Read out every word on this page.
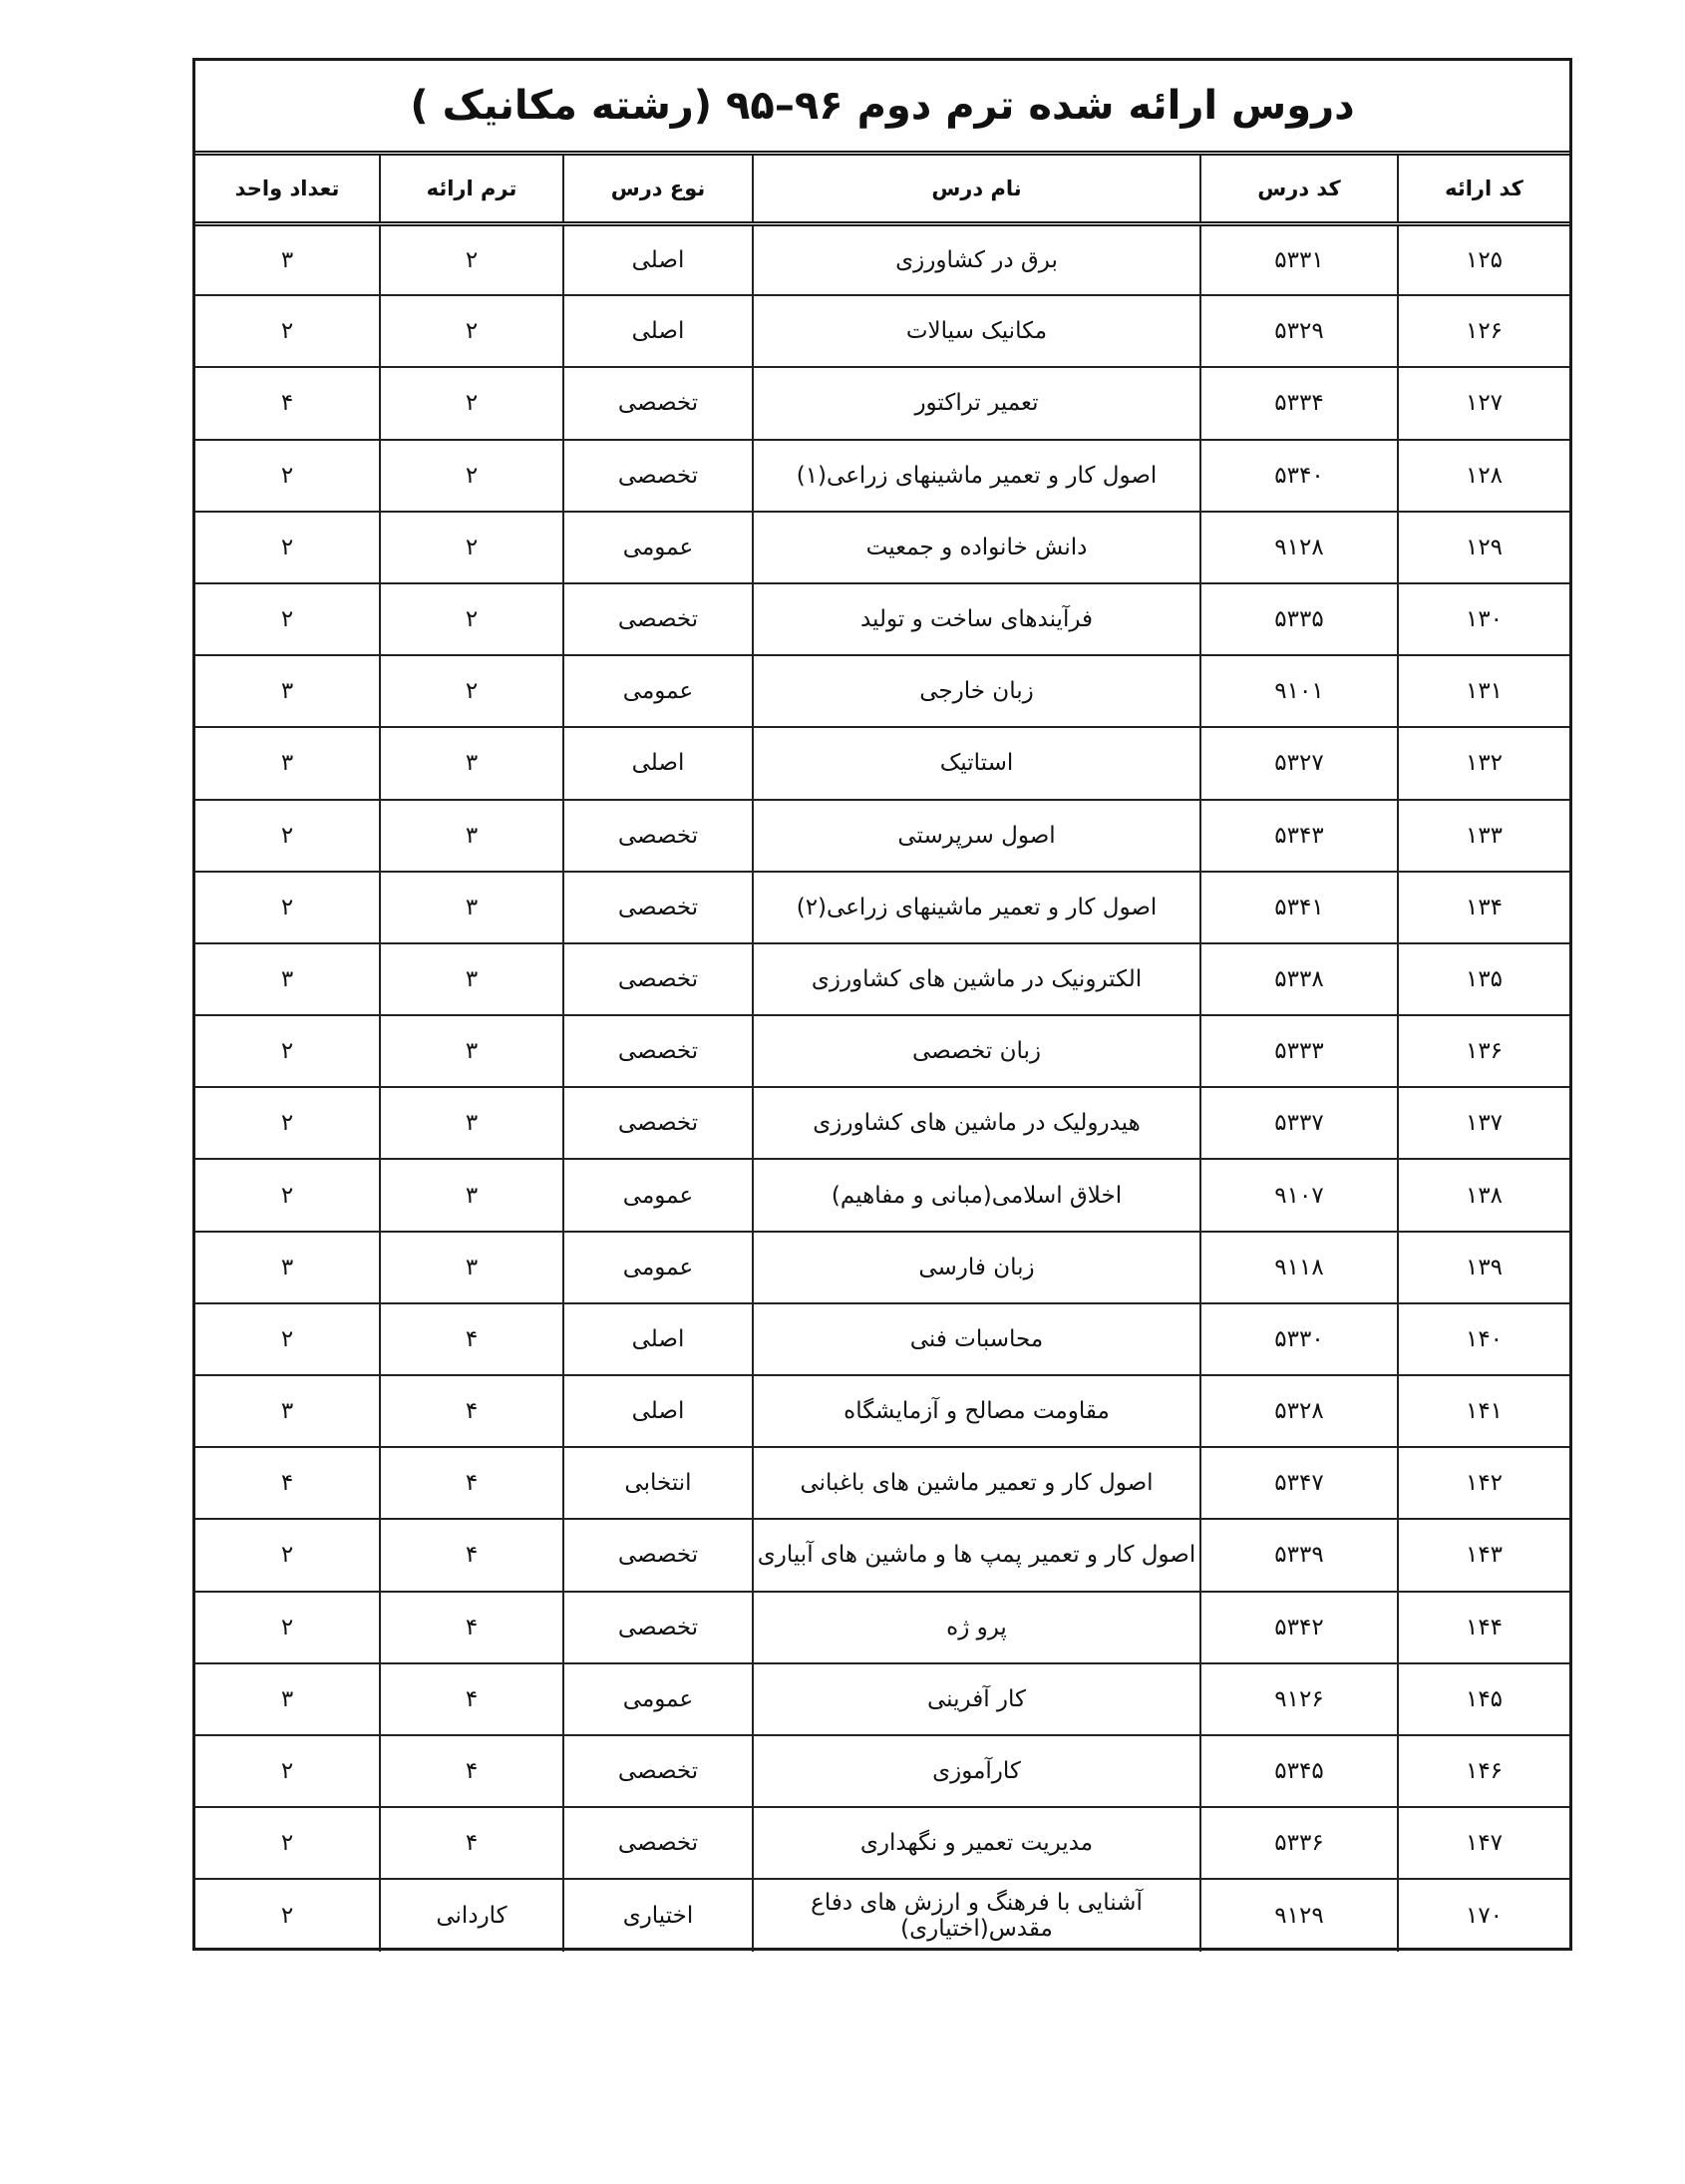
دروس ارائه شده ترم دوم ۹۶–۹۵ (رشته مکانیک )
کد ارائه	کد درس	نام درس	نوع درس	ترم ارائه	تعداد واحد
۱۲۵	۵۳۳۱	برق در کشاورزی	اصلی	۲	۳
۱۲۶	۵۳۲۹	مکانیک سیالات	اصلی	۲	۲
۱۲۷	۵۳۳۴	تعمیر تراکتور	تخصصی	۲	۴
۱۲۸	۵۳۴۰	اصول کار و تعمیر ماشینهای زراعی(۱)	تخصصی	۲	۲
۱۲۹	۹۱۲۸	دانش خانواده و جمعیت	عمومی	۲	۲
۱۳۰	۵۳۳۵	فرآیندهای ساخت و تولید	تخصصی	۲	۲
۱۳۱	۹۱۰۱	زبان خارجی	عمومی	۲	۳
۱۳۲	۵۳۲۷	استاتیک	اصلی	۳	۳
۱۳۳	۵۳۴۳	اصول سرپرستی	تخصصی	۳	۲
۱۳۴	۵۳۴۱	اصول کار و تعمیر ماشینهای زراعی(۲)	تخصصی	۳	۲
۱۳۵	۵۳۳۸	الکترونیک در ماشین های کشاورزی	تخصصی	۳	۳
۱۳۶	۵۳۳۳	زبان تخصصی	تخصصی	۳	۲
۱۳۷	۵۳۳۷	هیدرولیک در ماشین های کشاورزی	تخصصی	۳	۲
۱۳۸	۹۱۰۷	اخلاق اسلامی(مبانی و مفاهیم)	عمومی	۳	۲
۱۳۹	۹۱۱۸	زبان فارسی	عمومی	۳	۳
۱۴۰	۵۳۳۰	محاسبات فنی	اصلی	۴	۲
۱۴۱	۵۳۲۸	مقاومت مصالح و آزمایشگاه	اصلی	۴	۳
۱۴۲	۵۳۴۷	اصول کار و تعمیر ماشین های باغبانی	انتخابی	۴	۴
۱۴۳	۵۳۳۹	اصول کار و تعمیر پمپ ها و ماشین های آبیاری	تخصصی	۴	۲
۱۴۴	۵۳۴۲	پرو ژه	تخصصی	۴	۲
۱۴۵	۹۱۲۶	کار آفرینی	عمومی	۴	۳
۱۴۶	۵۳۴۵	کارآموزی	تخصصی	۴	۲
۱۴۷	۵۳۳۶	مدیریت تعمیر و نگهداری	تخصصی	۴	۲
۱۷۰	۹۱۲۹	آشنایی با فرهنگ و ارزش های دفاع مقدس(اختیاری)	اختیاری	کاردانی	۲
